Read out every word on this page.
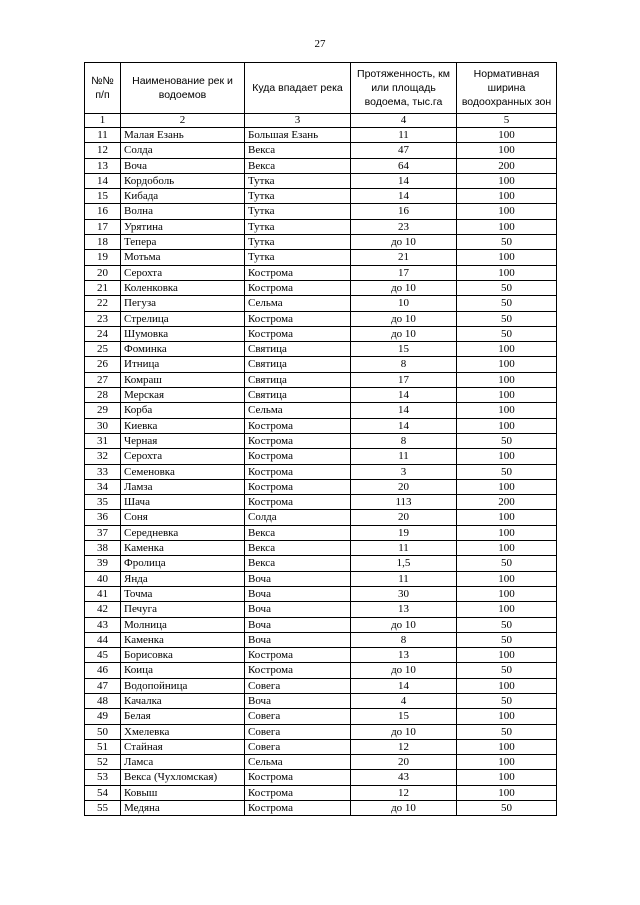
27
№№ п/п	Наименование рек и водоемов	Куда впадает река	Протяженность, км или площадь водоема, тыс.га	Нормативная ширина водоохранных зон
1	2	3	4	5
11	Малая Езань	Большая Езань	11	100
12	Солда	Векса	47	100
13	Воча	Векса	64	200
14	Кордоболь	Тутка	14	100
15	Кибада	Тутка	14	100
16	Волна	Тутка	16	100
17	Урятина	Тутка	23	100
18	Тепера	Тутка	до 10	50
19	Мотьма	Тутка	21	100
20	Серохта	Кострома	17	100
21	Коленковка	Кострома	до 10	50
22	Пегуза	Сельма	10	50
23	Стрелица	Кострома	до 10	50
24	Шумовка	Кострома	до 10	50
25	Фоминка	Святица	15	100
26	Итница	Святица	8	100
27	Комраш	Святица	17	100
28	Мерская	Святица	14	100
29	Корба	Сельма	14	100
30	Киевка	Кострома	14	100
31	Черная	Кострома	8	50
32	Серохта	Кострома	11	100
33	Семеновка	Кострома	3	50
34	Ламза	Кострома	20	100
35	Шача	Кострома	113	200
36	Соня	Солда	20	100
37	Середневка	Векса	19	100
38	Каменка	Векса	11	100
39	Фролица	Векса	1,5	50
40	Янда	Воча	11	100
41	Точма	Воча	30	100
42	Печуга	Воча	13	100
43	Молница	Воча	до 10	50
44	Каменка	Воча	8	50
45	Борисовка	Кострома	13	100
46	Коица	Кострома	до 10	50
47	Водопойница	Совега	14	100
48	Качалка	Воча	4	50
49	Белая	Совега	15	100
50	Хмелевка	Совега	до 10	50
51	Стайная	Совега	12	100
52	Ламса	Сельма	20	100
53	Векса (Чухломская)	Кострома	43	100
54	Ковыш	Кострома	12	100
55	Медяна	Кострома	до 10	50
